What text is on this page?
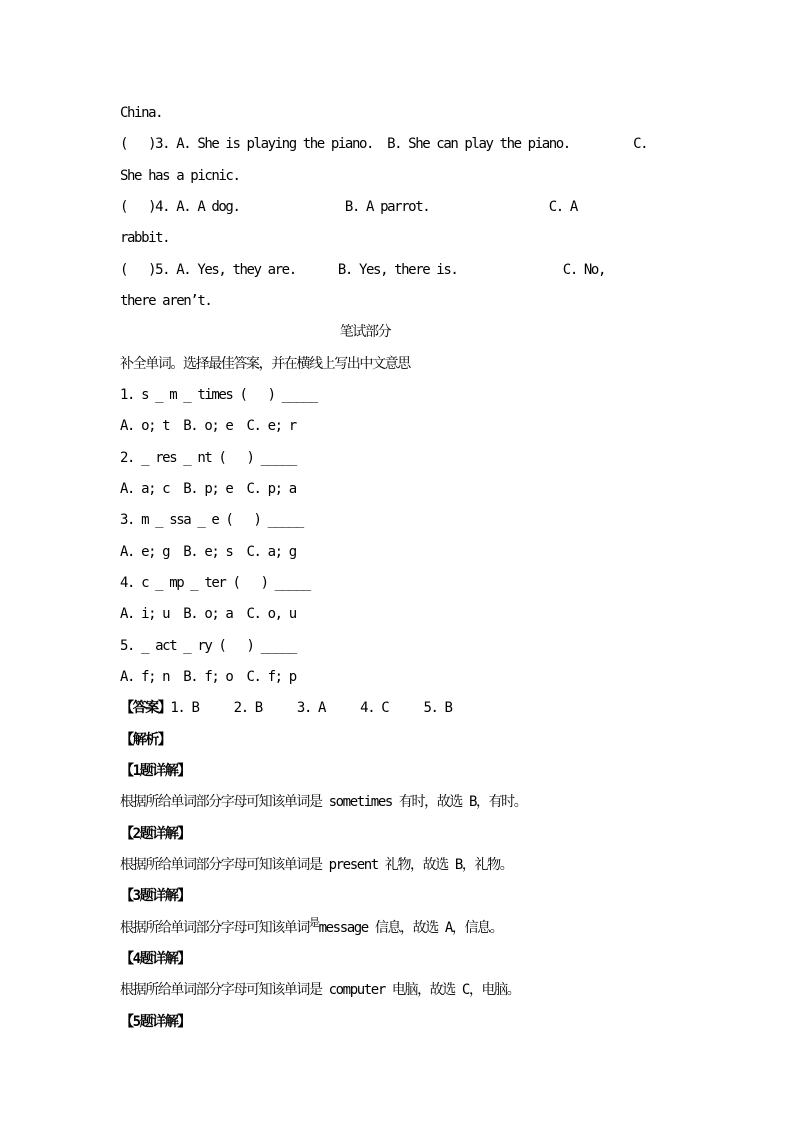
China.
(   )3. A. She is playing the piano.  B. She can play the piano.         C.
She has a picnic.
(   )4. A. A dog.               B. A parrot.                 C. A
rabbit.
(   )5. A. Yes, they are.      B. Yes, there is.               C. No,
there aren’t.
笔试部分
补全单词。选择最佳答案，并在横线上写出中文意思
1. s _ m _ times (   ) _____
A. o; t  B. o; e  C. e; r
2. _ res _ nt (   ) _____
A. a; c  B. p; e  C. p; a
3. m _ ssa _ e (   ) _____
A. e; g  B. e; s  C. a; g
4. c _ mp _ ter (   ) _____
A. i; u  B. o; a  C. o, u
5. _ act _ ry (   ) _____
A. f; n  B. f; o  C. f; p
【答案】1. B     2. B     3. A     4. C     5. B
【解析】
【1题详解】
根据所给单词部分字母可知该单词是 sometimes 有时，故选 B，有时。
【2题详解】
根据所给单词部分字母可知该单词是 present 礼物，故选 B，礼物。
【3题详解】
根据所给单词部分字母可知该单词$^是$message 信息，故选 A，信息。
【4题详解】
根据所给单词部分字母可知该单词是 computer 电脑，故选 C，电脑。
【5题详解】
